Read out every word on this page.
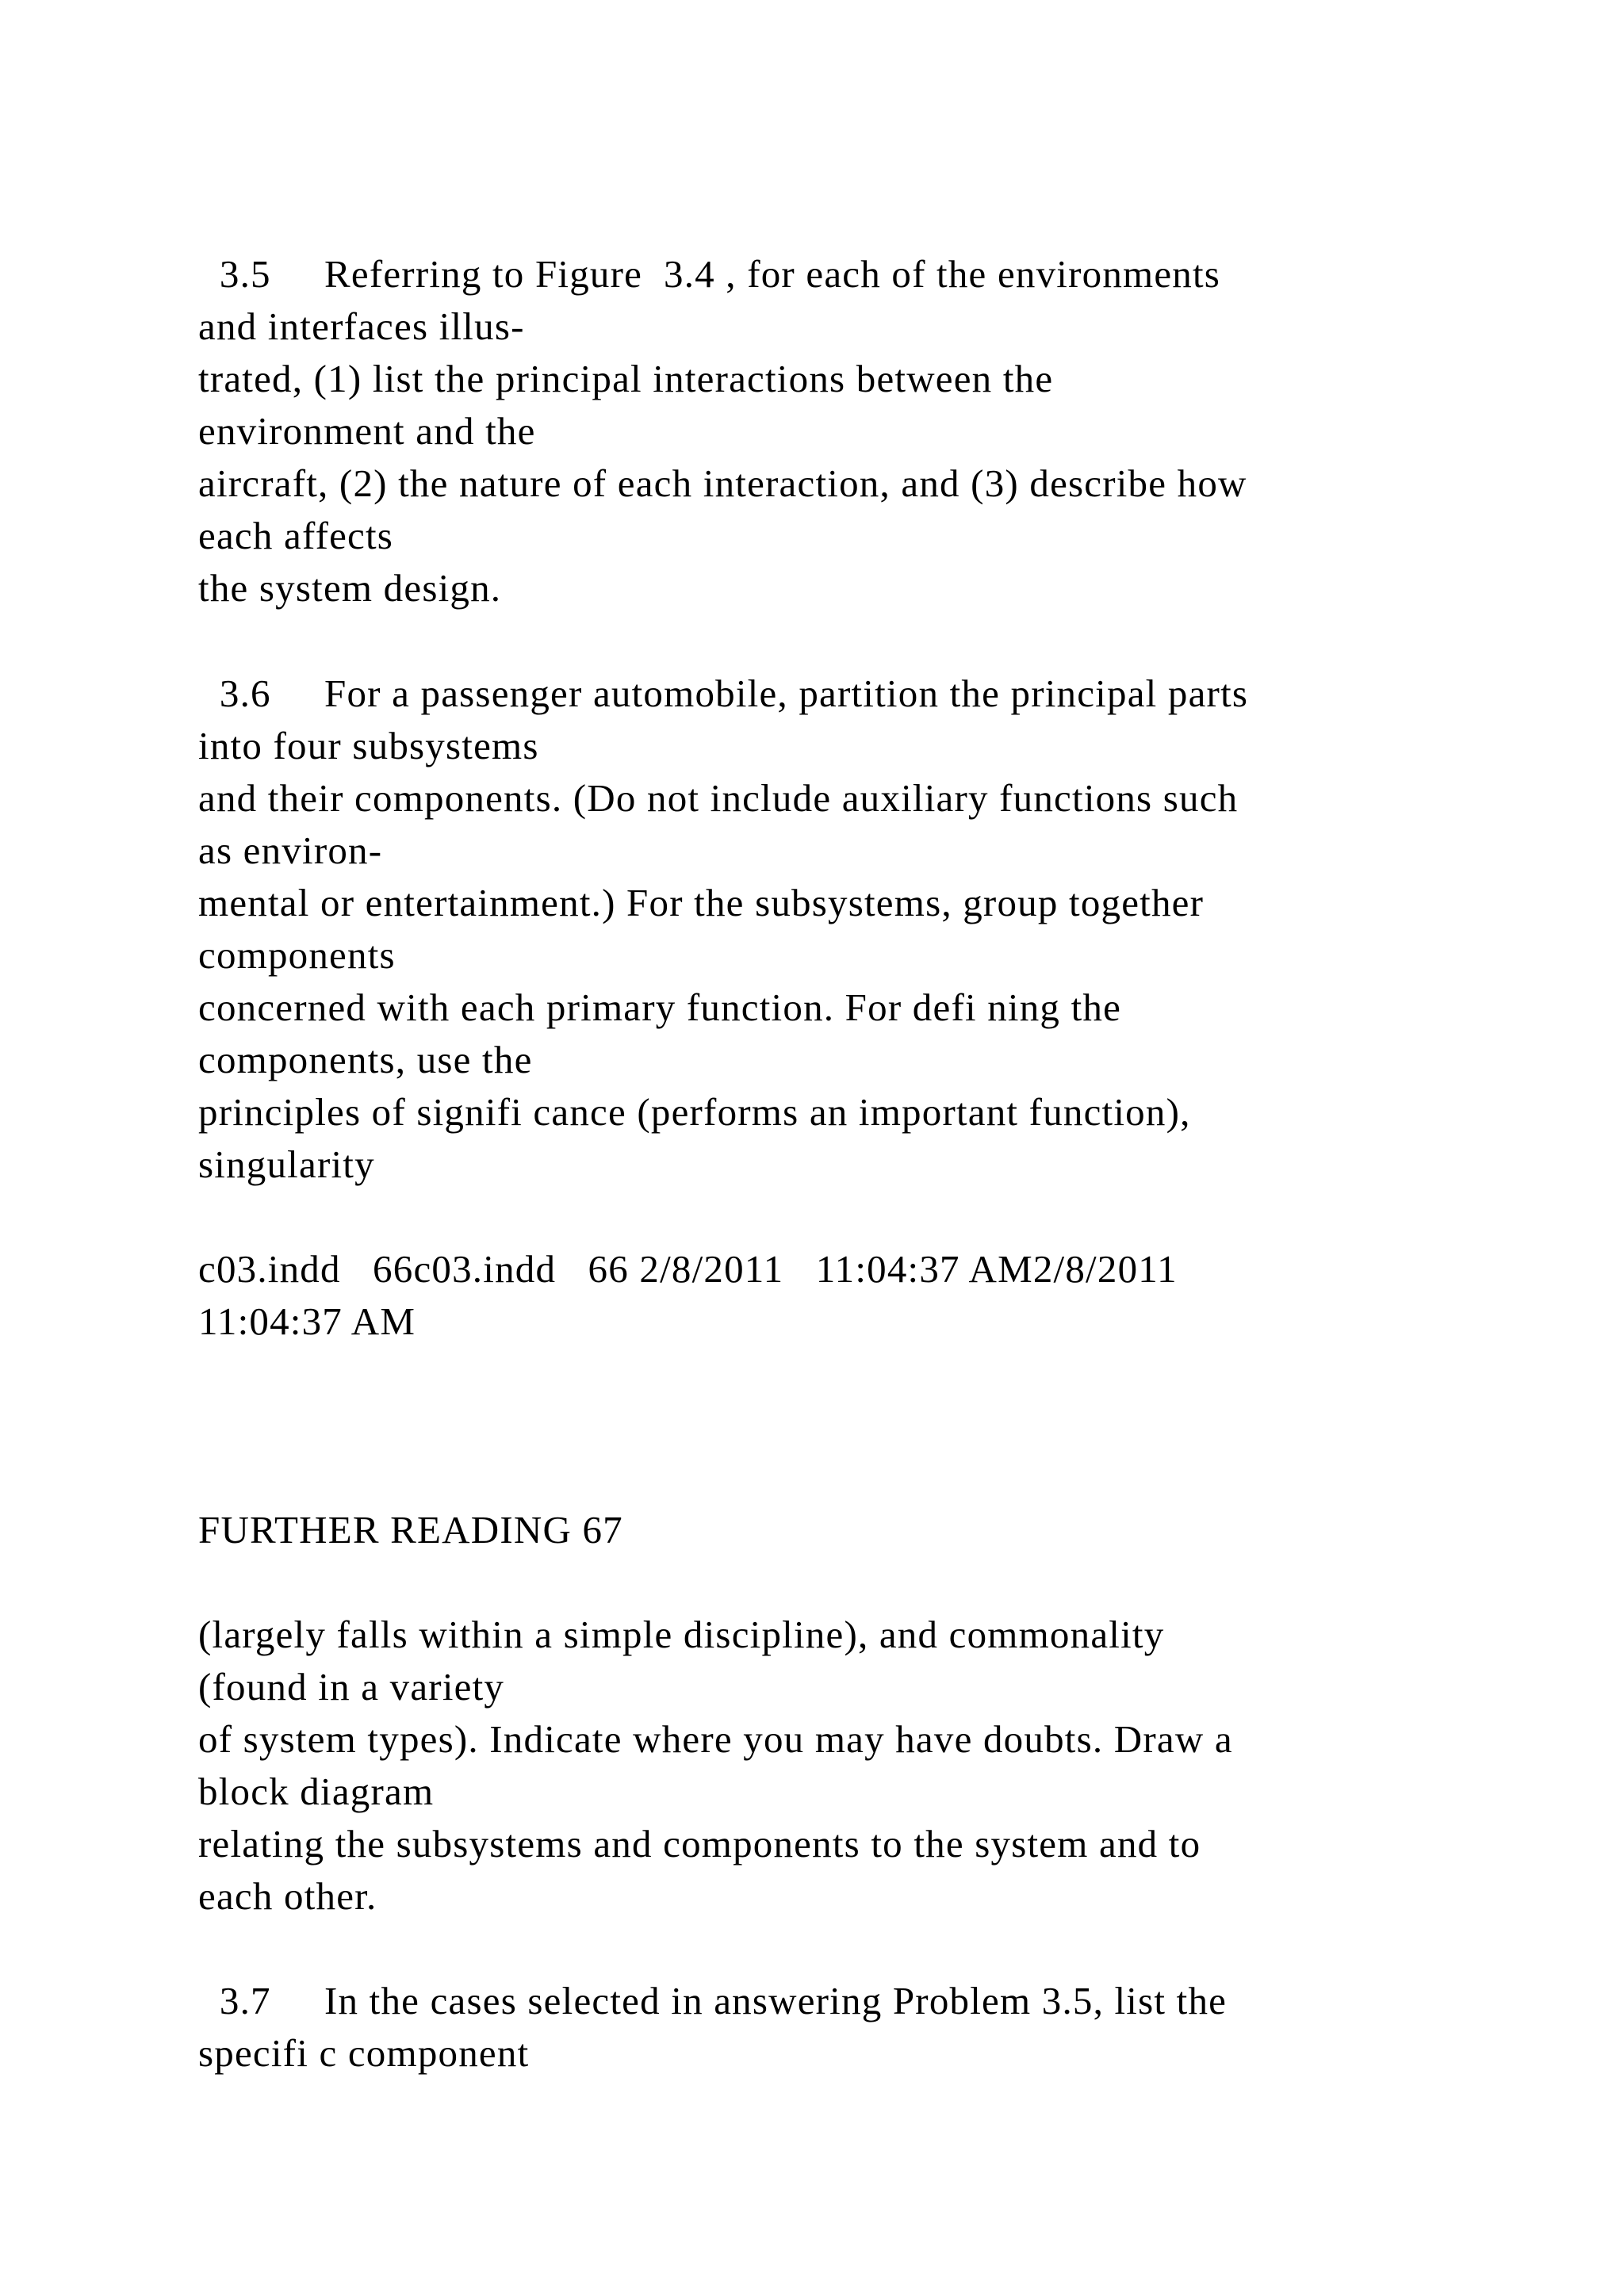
3.5     Referring to Figure  3.4 , for each of the environments

and interfaces illus-

trated, (1) list the principal interactions between the

environment and the

aircraft, (2) the nature of each interaction, and (3) describe how

each affects

the system design.

3.6     For a passenger automobile, partition the principal parts

into four subsystems

and their components. (Do not include auxiliary functions such

as environ-

mental or entertainment.) For the subsystems, group together

components

concerned with each primary function. For defi ning the

components, use the

principles of signifi cance (performs an important function),

singularity

c03.indd   66c03.indd   66 2/8/2011   11:04:37 AM2/8/2011

11:04:37 AM

FURTHER READING 67

(largely falls within a simple discipline), and commonality

(found in a variety

of system types). Indicate where you may have doubts. Draw a

block diagram

relating the subsystems and components to the system and to

each other.

3.7     In the cases selected in answering Problem 3.5, list the

specifi c component
